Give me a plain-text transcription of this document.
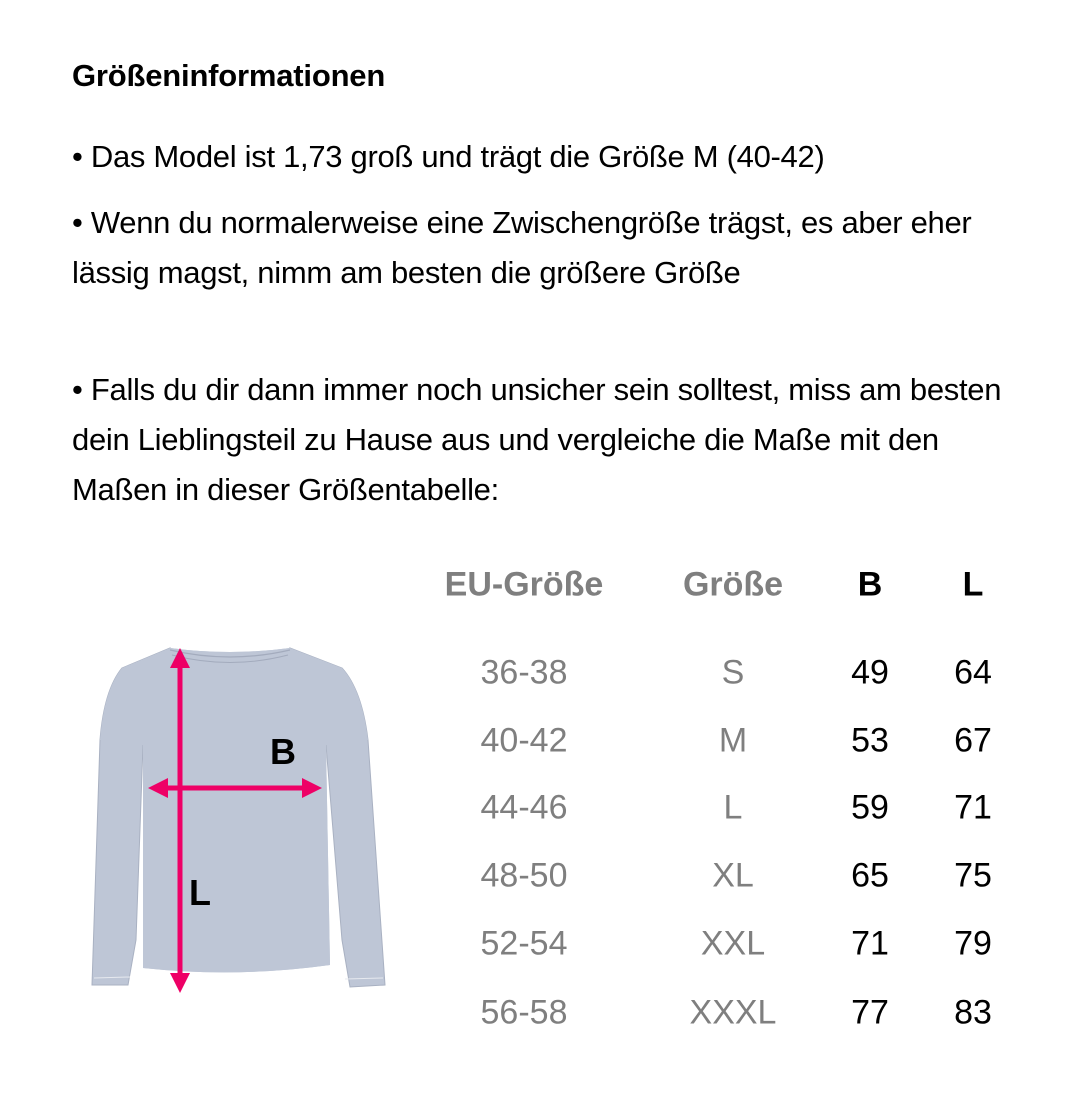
Größeninformationen
• Das Model ist 1,73 groß und trägt die Größe M (40-42)
• Wenn du normalerweise eine Zwischengröße trägst, es aber eher lässig magst, nimm am besten die größere Größe
• Falls du dir dann immer noch unsicher sein solltest, miss am besten dein Lieblingsteil zu Hause aus und vergleiche die Maße mit den Maßen in dieser Größentabelle:
B
L
EU-Größe Größe B L
36-38	S	49 64
40-42	M	53 67
44-46	L	59 71
48-50	XL	65 75
52-54	XXL	71 79
56-58	XXXL 77 83
